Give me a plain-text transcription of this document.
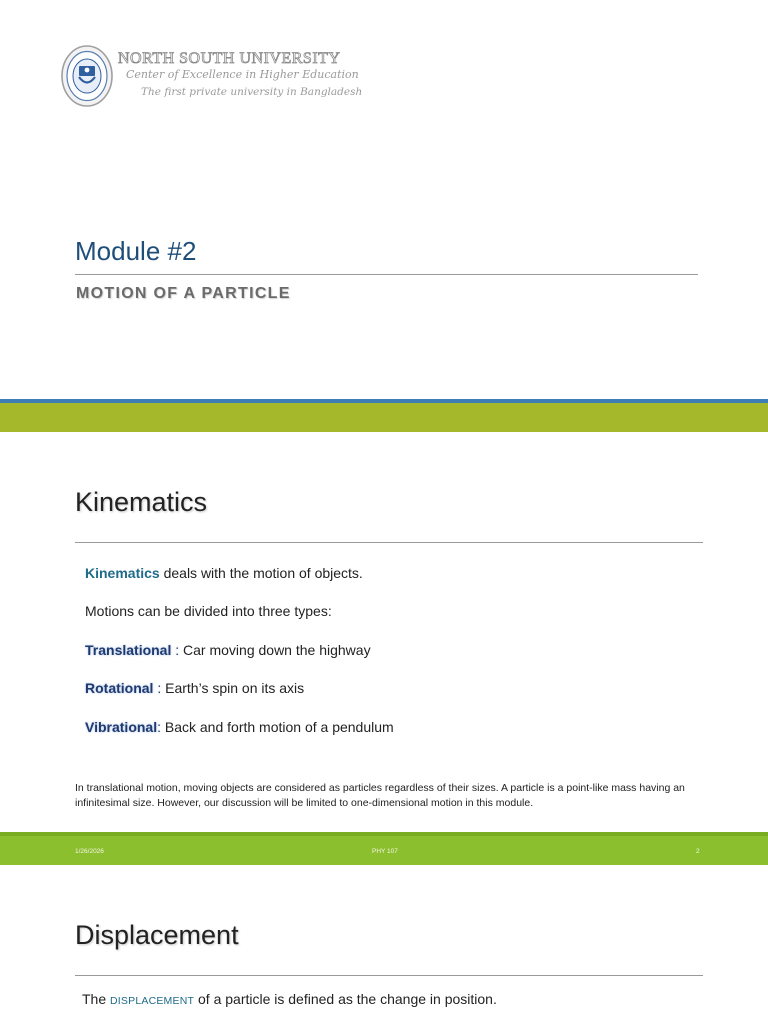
NORTH SOUTH UNIVERSITY
Center of Excellence in Higher Education
The first private university in Bangladesh
Module #2
MOTION OF A PARTICLE
Kinematics
Kinematics deals with the motion of objects.
Motions can be divided into three types:
Translational : Car moving down the highway
Rotational : Earth’s spin on its axis
Vibrational: Back and forth motion of a pendulum
In translational motion, moving objects are considered as particles regardless of their sizes. A particle is a point-like mass having an infinitesimal size. However, our discussion will be limited to one-dimensional motion in this module.
1/26/2026	PHY 107	2
Displacement
The DISPLACEMENT of a particle is defined as the change in position.
